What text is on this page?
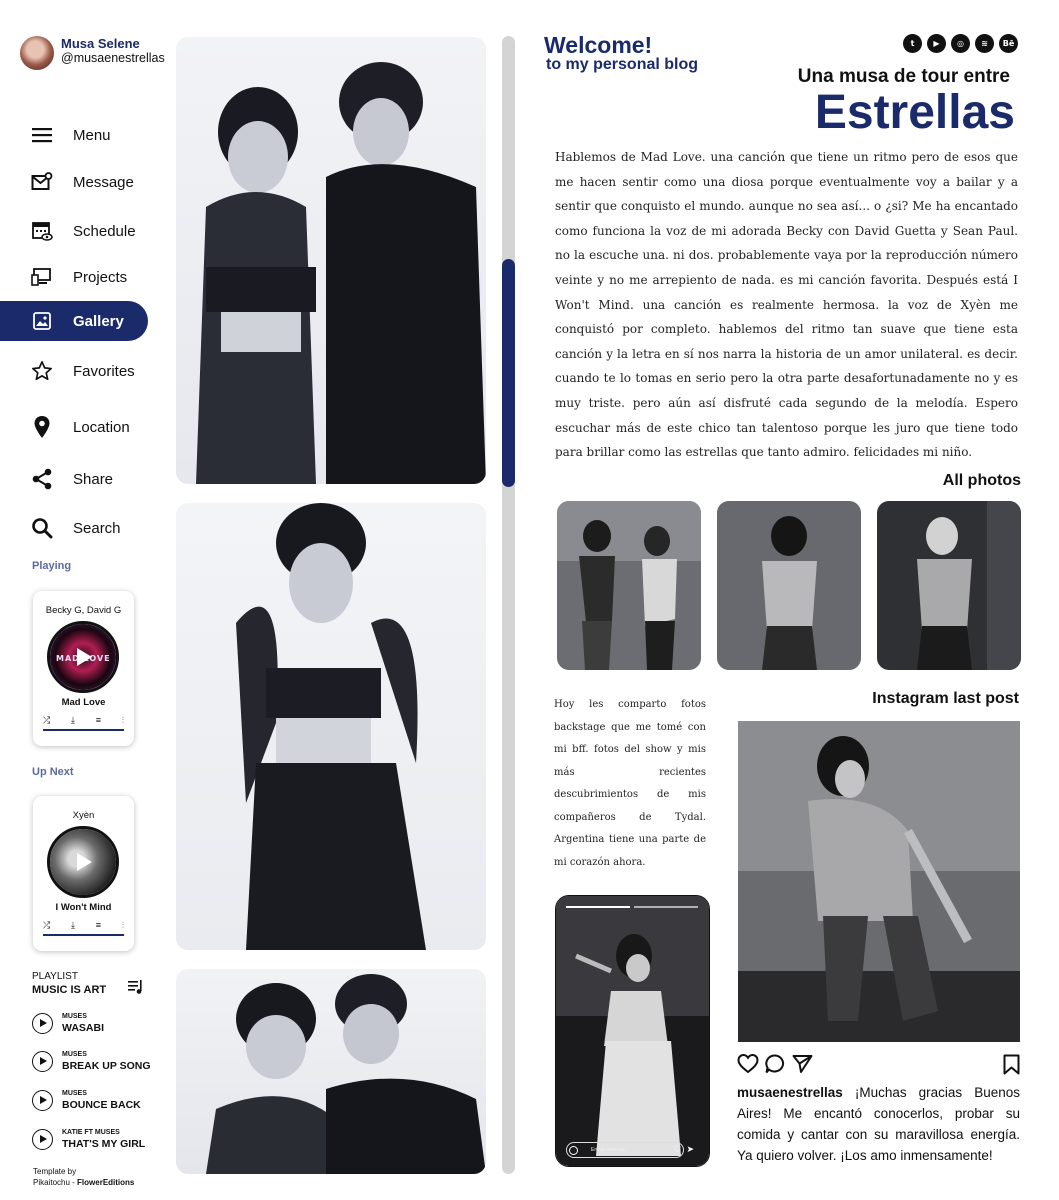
Musa Selene
@musaenestrellas
Menu
Message
Schedule
Projects
Gallery
Favorites
Location
Share
Search
Playing
Becky G, David G
MAD LOVE
Mad Love
⤮ ⤓ ≡ ⫶
Up Next
Xyèn
I Won't Mind
⤮ ⤓ ≡ ⫶
PLAYLIST
MUSIC IS ART
MUSES
WASABI
MUSES
BREAK UP SONG
MUSES
BOUNCE BACK
KATIE FT MUSES
THAT'S MY GIRL
Template by
Pikaitochu - FlowerEditions
Welcome!
to my personal blog
t	▶	◎	≋	Bē
Una musa de tour entre
Estrellas
Hablemos de Mad Love. una canción que tiene un ritmo pero de esos que me hacen sentir como una diosa porque eventualmente voy a bailar y a sentir que conquisto el mundo. aunque no sea así... o ¿si? Me ha encantado como funciona la voz de mi adorada Becky con David Guetta y Sean Paul. no la escuche una. ni dos. probablemente vaya por la reproducción número veinte y no me arrepiento de nada. es mi canción favorita. Después está I Won't Mind. una canción es realmente hermosa. la voz de Xyèn me conquistó por completo. hablemos del ritmo tan suave que tiene esta canción y la letra en sí nos narra la historia de un amor unilateral. es decir. cuando te lo tomas en serio pero la otra parte desafortunadamente no y es muy triste. pero aún así disfruté cada segundo de la melodía. Espero escuchar más de este chico tan talentoso porque les juro que tiene todo para brillar como las estrellas que tanto admiro. felicidades mi niño.
All photos
Hoy les comparto fotos backstage que me tomé con mi bff. fotos del show y mis más recientes descubrimientos de mis compañeros de Tydal. Argentina tiene una parte de mi corazón ahora.
Enviar mensaje	♡➤
Instagram last post
musaenestrellas ¡Muchas gracias Buenos Aires! Me encantó conocerlos, probar su comida y cantar con su maravillosa energía. Ya quiero volver. ¡Los amo inmensamente!
